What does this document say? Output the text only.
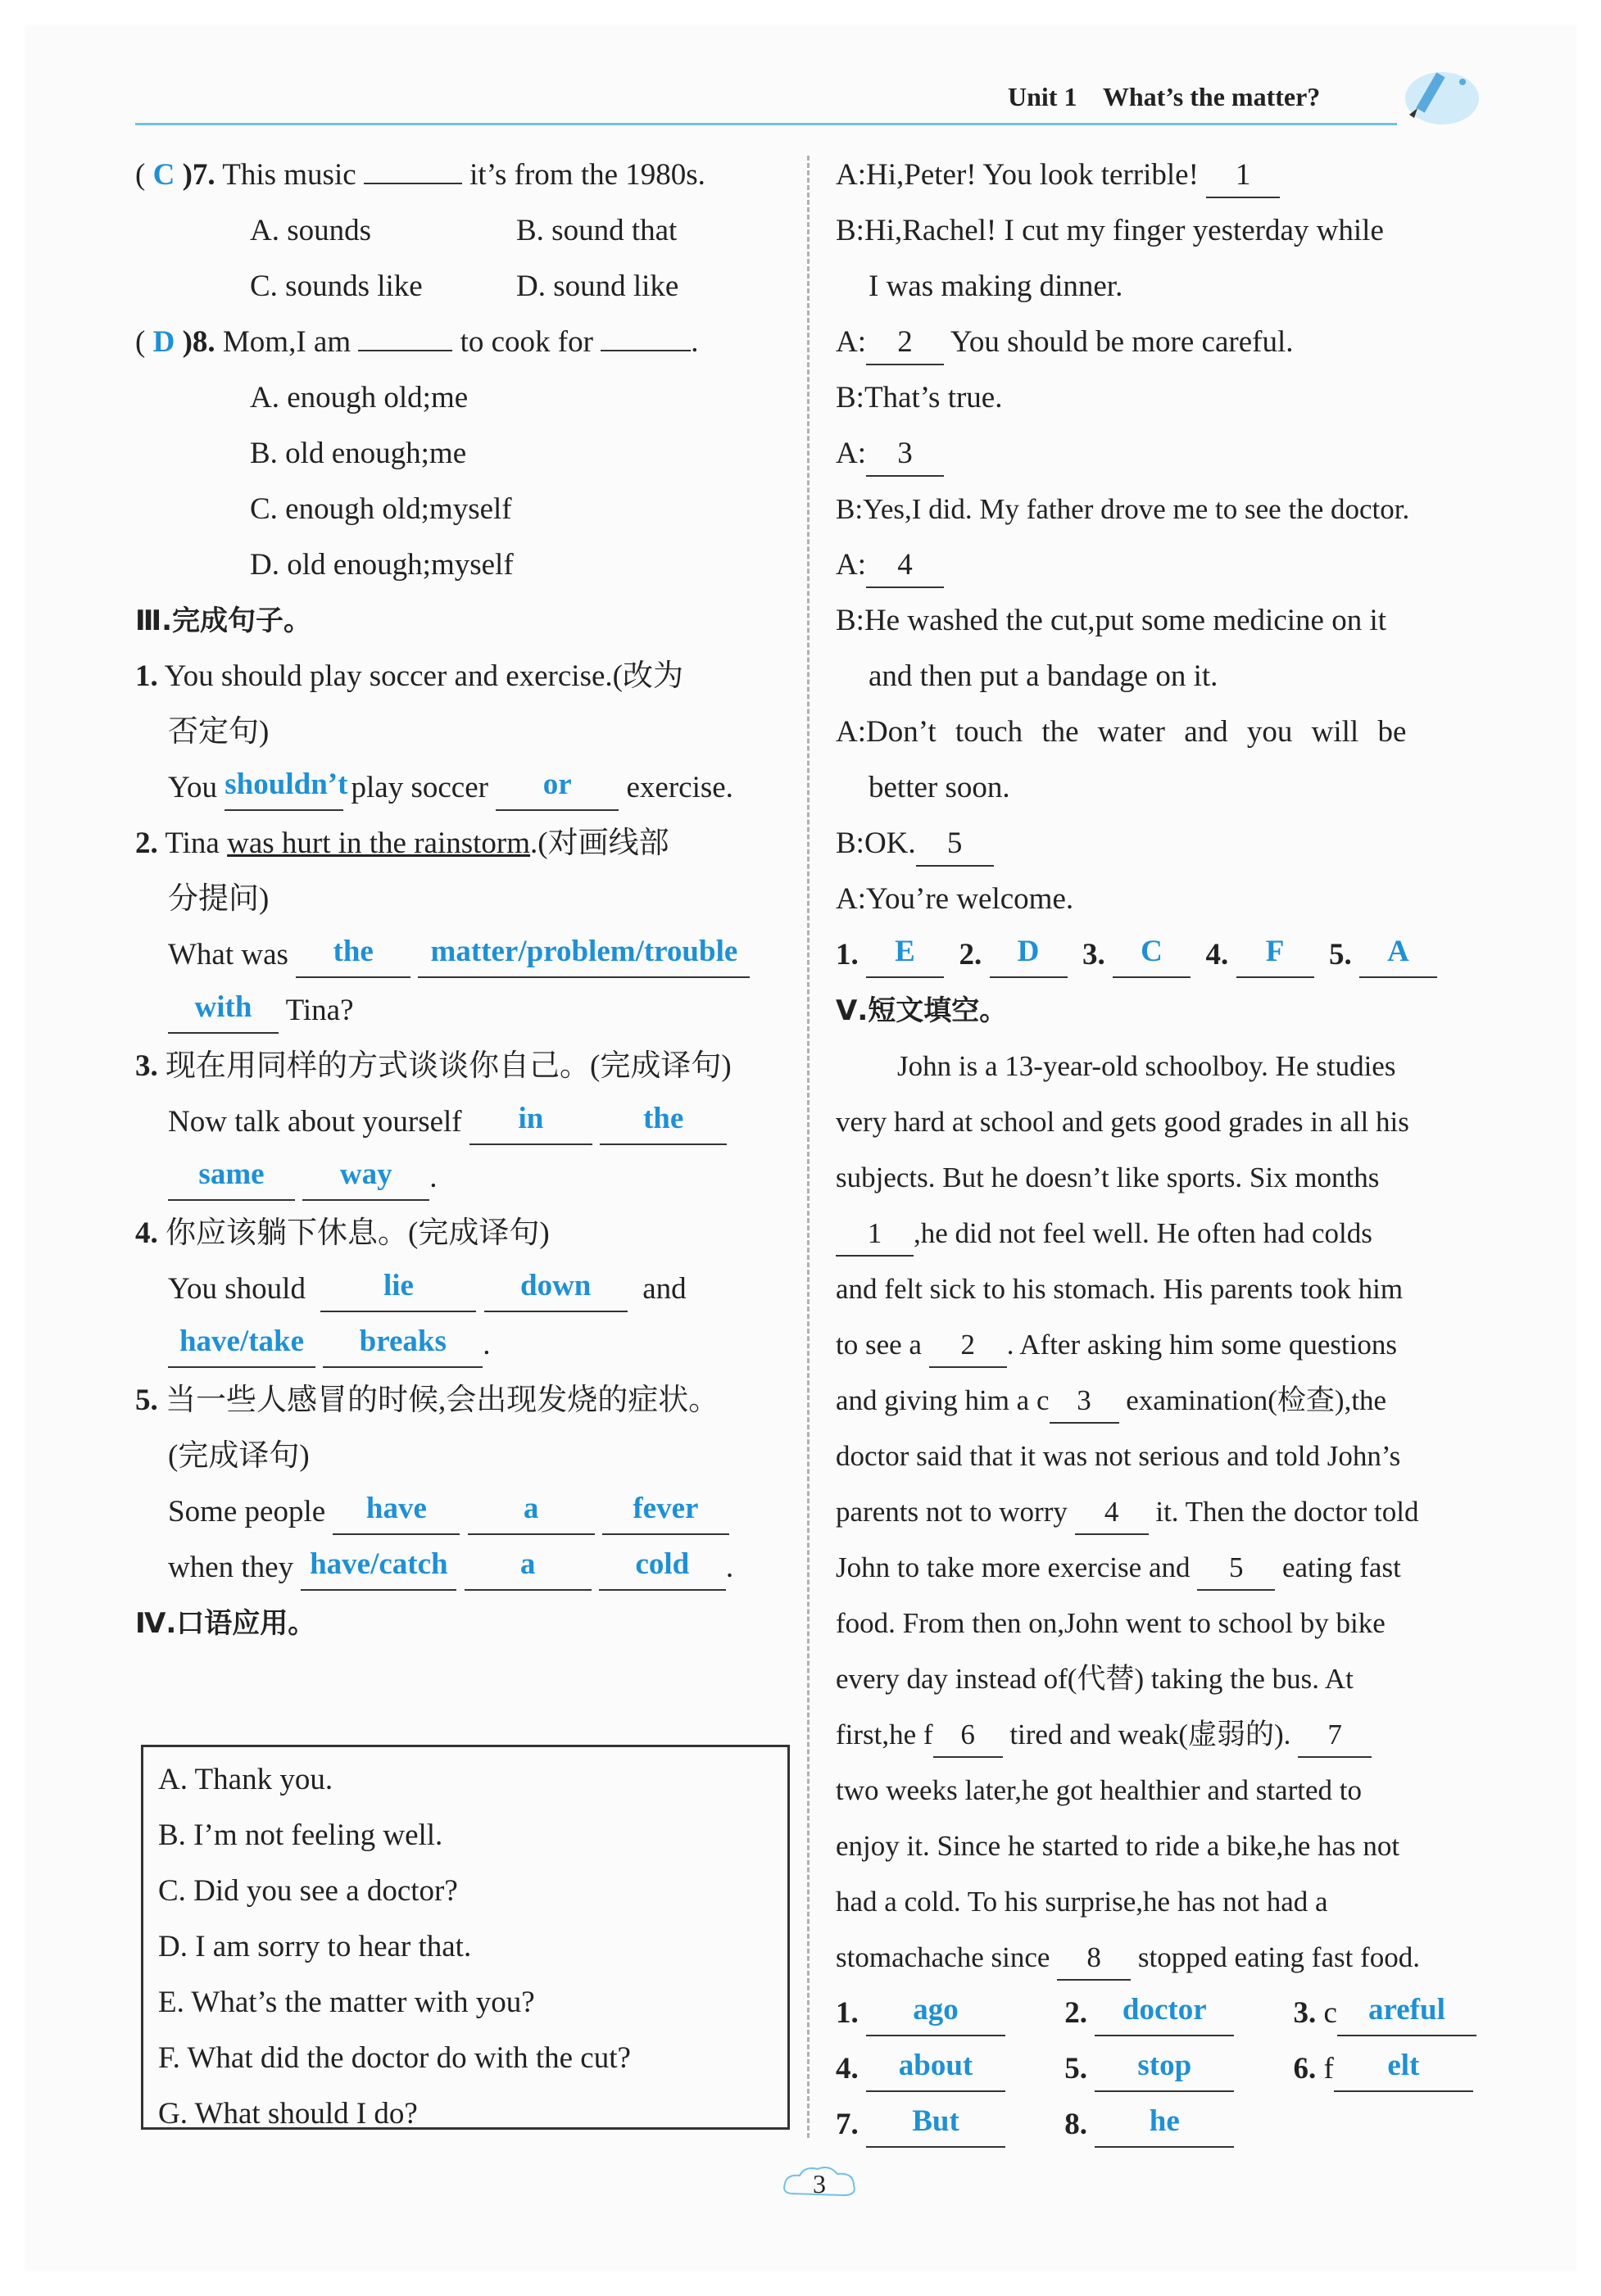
Unit 1 What’s the matter?
( C )7. This music	it’s from the 1980s.
A. sounds	B. sound that
C. sounds like	D. sound like
( D )8. Mom,I am	to cook for	.
A. enough old;me
B. old enough;me
C. enough old;myself
D. old enough;myself
Ⅲ.完成句子。
1. You should play soccer and exercise.(改为
否定句)
You shouldn’t play soccer or exercise.
2. Tina was hurt in the rainstorm.(对画线部
分提问)
What was the matter/problem/trouble
with Tina?
3. 现在用同样的方式谈谈你自己。(完成译句)
Now talk about yourself in	the
same way .
4. 你应该躺下休息。(完成译句)
You should	lie	down and
have/take breaks .
5. 当一些人感冒的时候,会出现发烧的症状。
(完成译句)
Some people have	a	fever
when they have/catch a	cold .
Ⅳ.口语应用。
A. Thank you.
B. I’m not feeling well.
C. Did you see a doctor?
D. I am sorry to hear that.
E. What’s the matter with you?
F. What did the doctor do with the cut?
G. What should I do?
A:Hi,Peter! You look terrible! 1
B:Hi,Rachel! I cut my finger yesterday while
I was making dinner.
A: 2 You should be more careful.
B:That’s true.
A: 3
B:Yes,I did. My father drove me to see the doctor.
A: 4
B:He washed the cut,put some medicine on it
and then put a bandage on it.
A:Don’t touch the water and you will be
better soon.
B:OK. 5
A:You’re welcome.
1. E 2. D 3. C 4. F 5. A
Ⅴ.短文填空。
John is a 13-year-old schoolboy. He studies
very hard at school and gets good grades in all his
subjects. But he doesn’t like sports. Six months
1 ,he did not feel well. He often had colds
and felt sick to his stomach. His parents took him
to see a 2 . After asking him some questions
and giving him a c 3 examination(检查),the
doctor said that it was not serious and told John’s
parents not to worry 4 it. Then the doctor told
John to take more exercise and 5 eating fast
food. From then on,John went to school by bike
every day instead of(代替) taking the bus. At
first,he f 6 tired and weak(虚弱的). 7
two weeks later,he got healthier and started to
enjoy it. Since he started to ride a bike,he has not
had a cold. To his surprise,he has not had a
stomachache since 8 stopped eating fast food.
1. ago	2. doctor	3. c areful
4. about	5. stop	6. f elt
7. But	8. he
3
